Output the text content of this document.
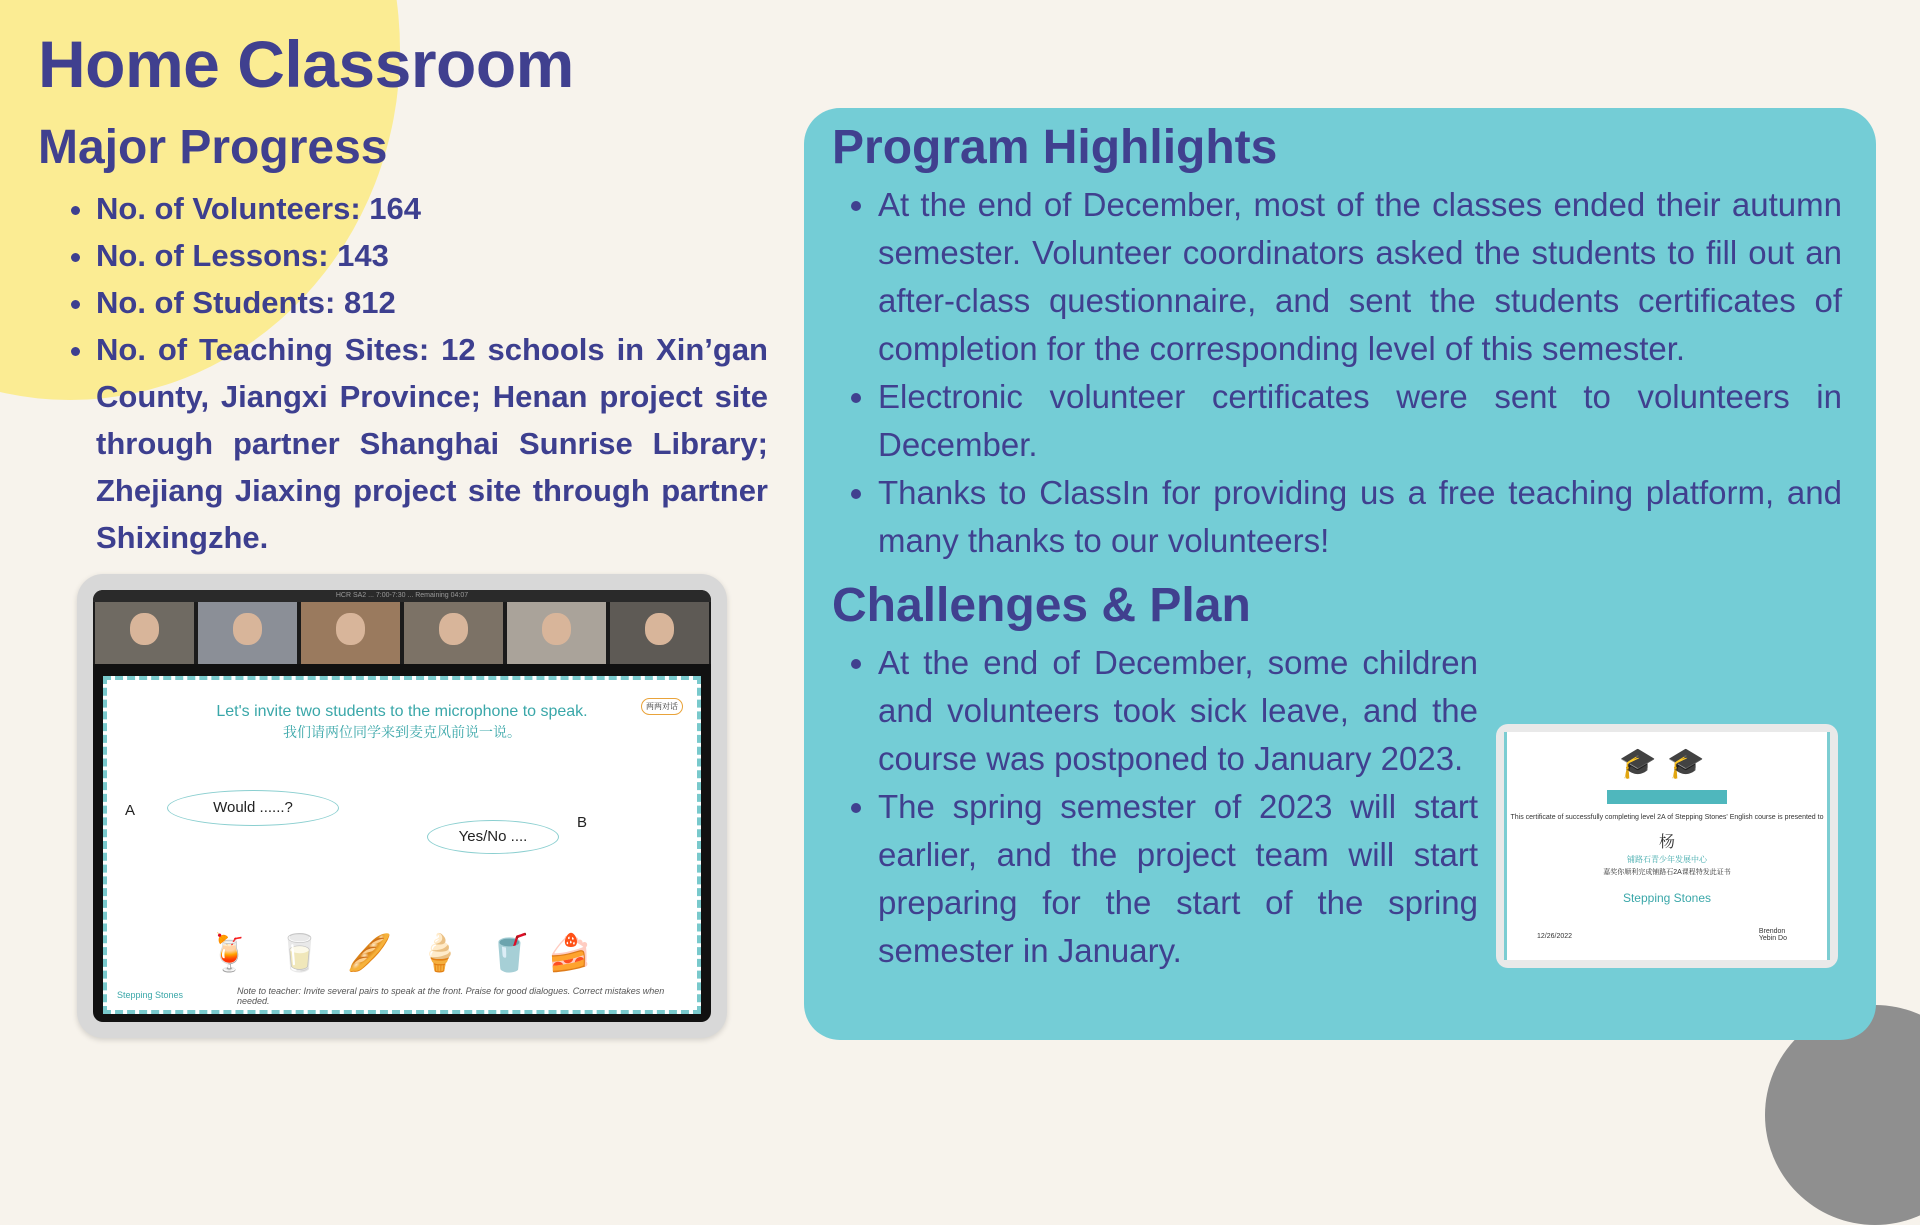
Home Classroom
Major Progress
• No. of Volunteers: 164
• No. of Lessons: 143
• No. of Students: 812
• No. of Teaching Sites: 12 schools in Xin’gan County, Jiangxi Province; Henan project site through partner Shanghai Sunrise Library; Zhejiang Jiaxing project site through partner Shixingzhe.
HCR SA2 ... 7:00-7:30 ... Remaining 04:07
Let's invite two students to the microphone to speak.
我们请两位同学来到麦克风前说一说。
两两对话
A	Would ......?
Yes/No ....
B
🍹 🥛 🥖 🍦 🥤 🍰
Stepping Stones	Note to teacher: Invite several pairs to speak at the front. Praise for good dialogues. Correct mistakes when needed.
Program Highlights
• At the end of December, most of the classes ended their autumn semester. Volunteer coordinators asked the students to fill out an after-class questionnaire, and sent the students certificates of completion for the corresponding level of this semester.
• Electronic volunteer certificates were sent to volunteers in December.
• Thanks to ClassIn for providing us a free teaching platform, and many thanks to our volunteers!
Challenges & Plan
• At the end of December, some children and volunteers took sick leave, and the course was postponed to January 2023.
• The spring semester of 2023 will start earlier, and the project team will start preparing for the start of the spring semester in January.
🎓 🎓
This certificate of successfully completing level 2A of Stepping Stones' English course is presented to
杨
铺路石青少年发展中心
嘉奖你顺利完成铺路石2A课程特发此证书
Stepping Stones
12/26/2022
Brendon
Yebin Do
